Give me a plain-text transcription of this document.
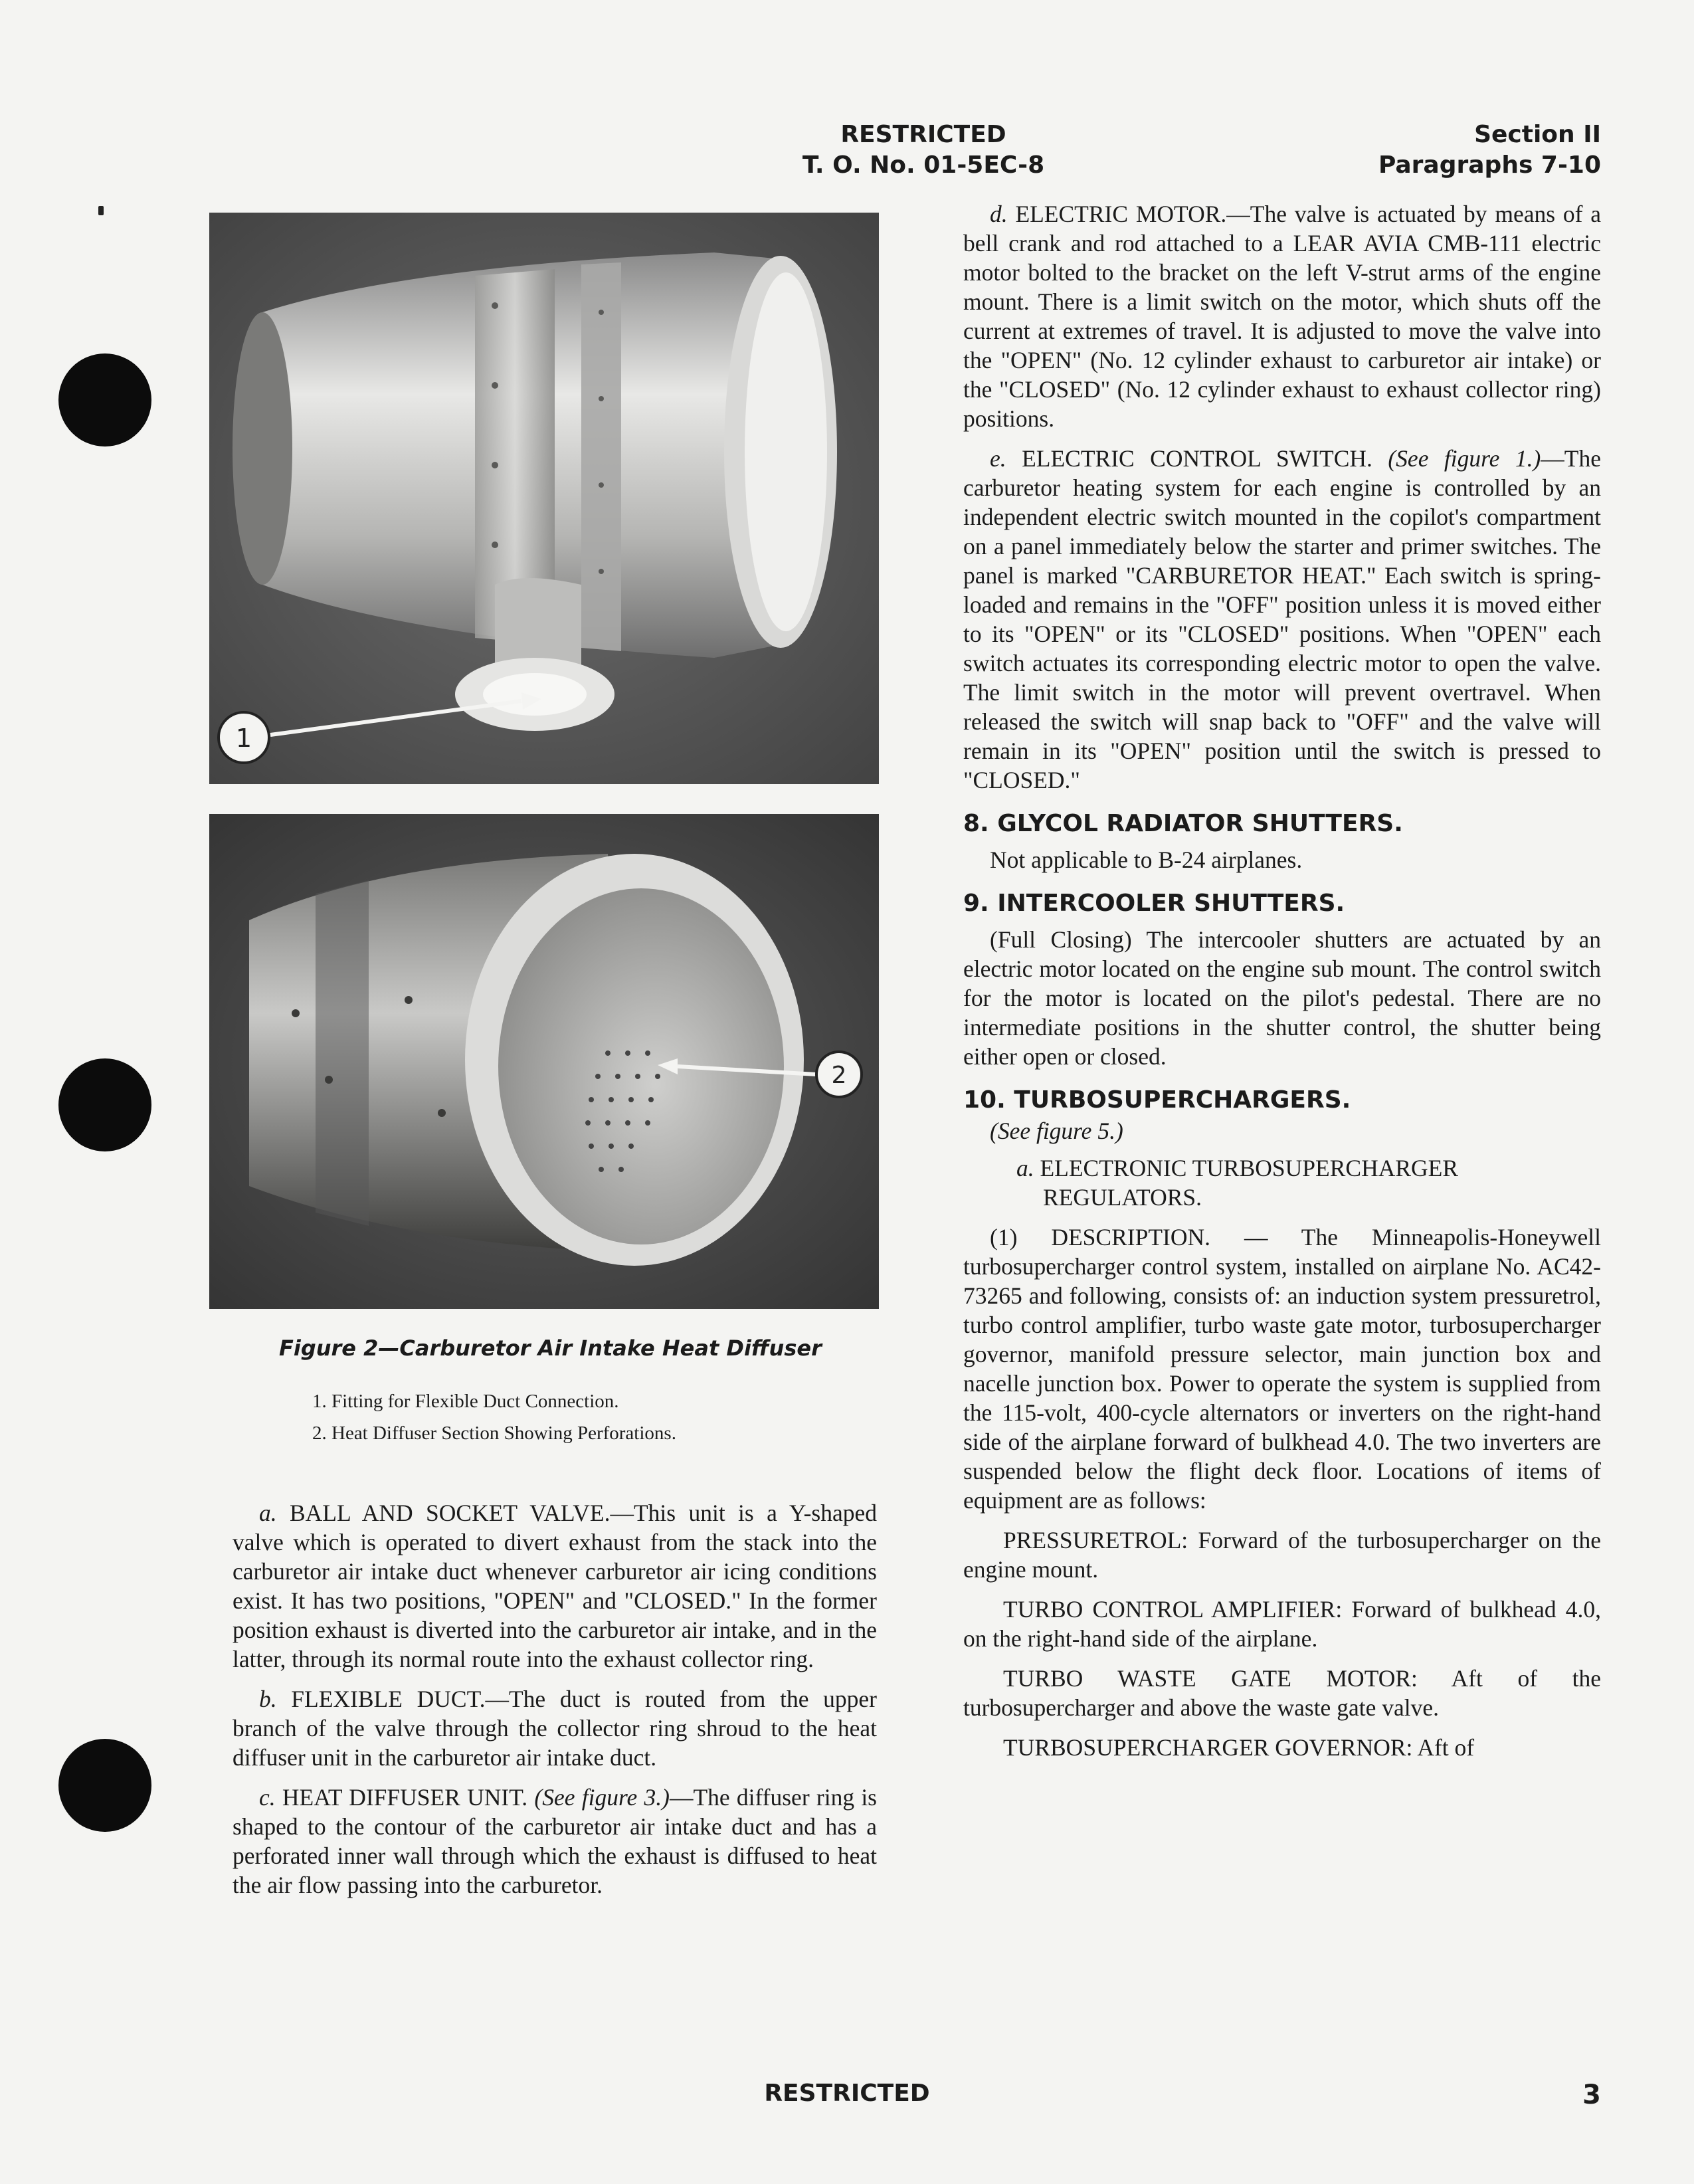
RESTRICTED
T. O. No. 01-5EC-8
Section II
Paragraphs 7-10
1
2
Figure 2—Carburetor Air Intake Heat Diffuser
1. Fitting for Flexible Duct Connection.
2. Heat Diffuser Section Showing Perforations.

a. BALL AND SOCKET VALVE.—This unit is a Y-shaped valve which is operated to divert exhaust from the stack into the carburetor air intake duct whenever carburetor air icing conditions exist. It has two positions, "OPEN" and "CLOSED." In the former position exhaust is diverted into the carburetor air intake, and in the latter, through its normal route into the exhaust collector ring.

b. FLEXIBLE DUCT.—The duct is routed from the upper branch of the valve through the collector ring shroud to the heat diffuser unit in the carburetor air intake duct.

c. HEAT DIFFUSER UNIT. (See figure 3.)—The diffuser ring is shaped to the contour of the carburetor air intake duct and has a perforated inner wall through which the exhaust is diffused to heat the air flow passing into the carburetor.

d. ELECTRIC MOTOR.—The valve is actuated by means of a bell crank and rod attached to a LEAR AVIA CMB-111 electric motor bolted to the bracket on the left V-strut arms of the engine mount. There is a limit switch on the motor, which shuts off the current at extremes of travel. It is adjusted to move the valve into the "OPEN" (No. 12 cylinder exhaust to carburetor air intake) or the "CLOSED" (No. 12 cylinder exhaust to exhaust collector ring) positions.

e. ELECTRIC CONTROL SWITCH. (See figure 1.)—The carburetor heating system for each engine is controlled by an independent electric switch mounted in the copilot's compartment on a panel immediately below the starter and primer switches. The panel is marked "CARBURETOR HEAT." Each switch is spring-loaded and remains in the "OFF" position unless it is moved either to its "OPEN" or its "CLOSED" positions. When "OPEN" each switch actuates its corresponding electric motor to open the valve. The limit switch in the motor will prevent overtravel. When released the switch will snap back to "OFF" and the valve will remain in its "OPEN" position until the switch is pressed to "CLOSED."

8. GLYCOL RADIATOR SHUTTERS.

Not applicable to B-24 airplanes.

9. INTERCOOLER SHUTTERS.

(Full Closing) The intercooler shutters are actuated by an electric motor located on the engine sub mount. The control switch for the motor is located on the pilot's pedestal. There are no intermediate positions in the shutter control, the shutter being either open or closed.

10. TURBOSUPERCHARGERS.

(See figure 5.)

a. ELECTRONIC TURBOSUPERCHARGER REGULATORS.

(1) DESCRIPTION. — The Minneapolis-Honeywell turbosupercharger control system, installed on airplane No. AC42-73265 and following, consists of: an induction system pressuretrol, turbo control amplifier, turbo waste gate motor, turbosupercharger governor, manifold pressure selector, main junction box and nacelle junction box. Power to operate the system is supplied from the 115-volt, 400-cycle alternators or inverters on the right-hand side of the airplane forward of bulkhead 4.0. The two inverters are suspended below the flight deck floor. Locations of items of equipment are as follows:

PRESSURETROL: Forward of the turbosupercharger on the engine mount.

TURBO CONTROL AMPLIFIER: Forward of bulkhead 4.0, on the right-hand side of the airplane.

TURBO WASTE GATE MOTOR: Aft of the turbosupercharger and above the waste gate valve.

TURBOSUPERCHARGER GOVERNOR: Aft of

RESTRICTED	3
